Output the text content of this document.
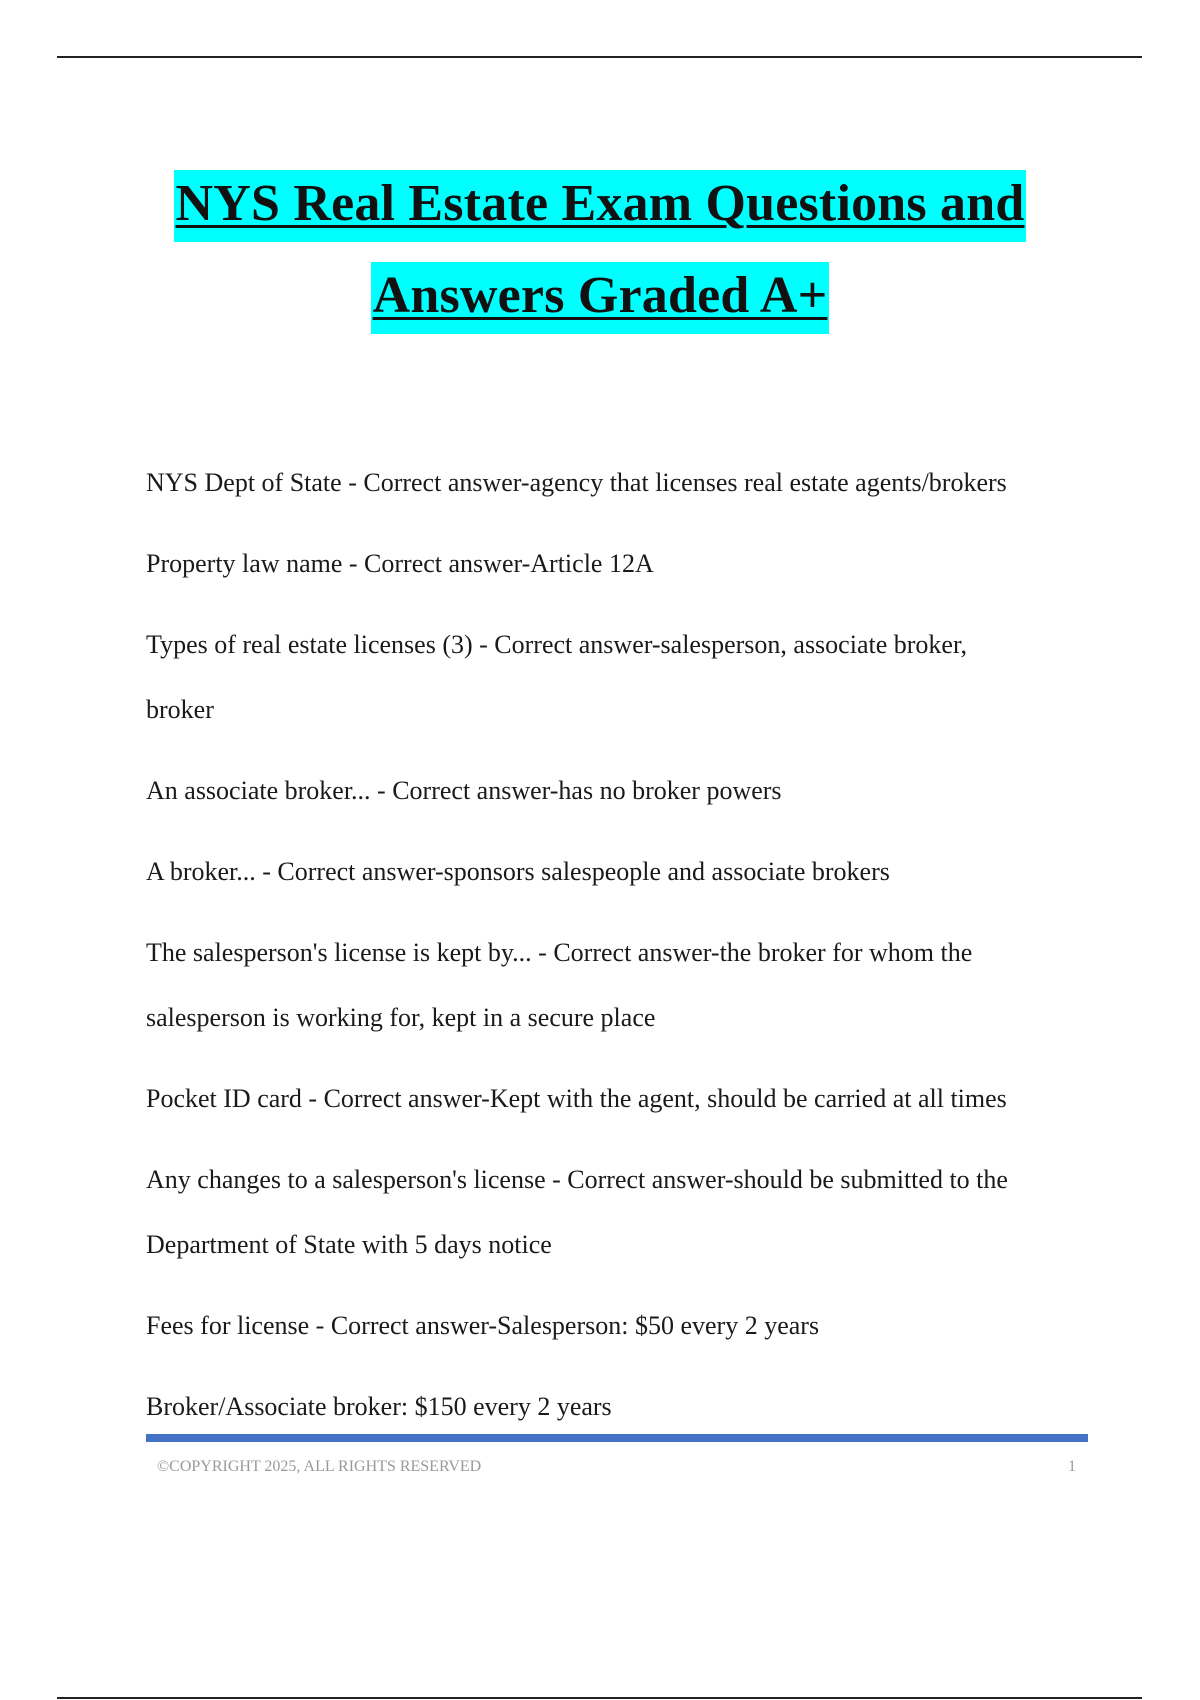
NYS Real Estate Exam Questions and
Answers Graded A+
NYS Dept of State - Correct answer-agency that licenses real estate agents/brokers
Property law name - Correct answer-Article 12A
Types of real estate licenses (3) - Correct answer-salesperson, associate broker,
broker
An associate broker... - Correct answer-has no broker powers
A broker... - Correct answer-sponsors salespeople and associate brokers
The salesperson's license is kept by... - Correct answer-the broker for whom the
salesperson is working for, kept in a secure place
Pocket ID card - Correct answer-Kept with the agent, should be carried at all times
Any changes to a salesperson's license - Correct answer-should be submitted to the
Department of State with 5 days notice
Fees for license - Correct answer-Salesperson: $50 every 2 years
Broker/Associate broker: $150 every 2 years
©COPYRIGHT 2025, ALL RIGHTS RESERVED	1
